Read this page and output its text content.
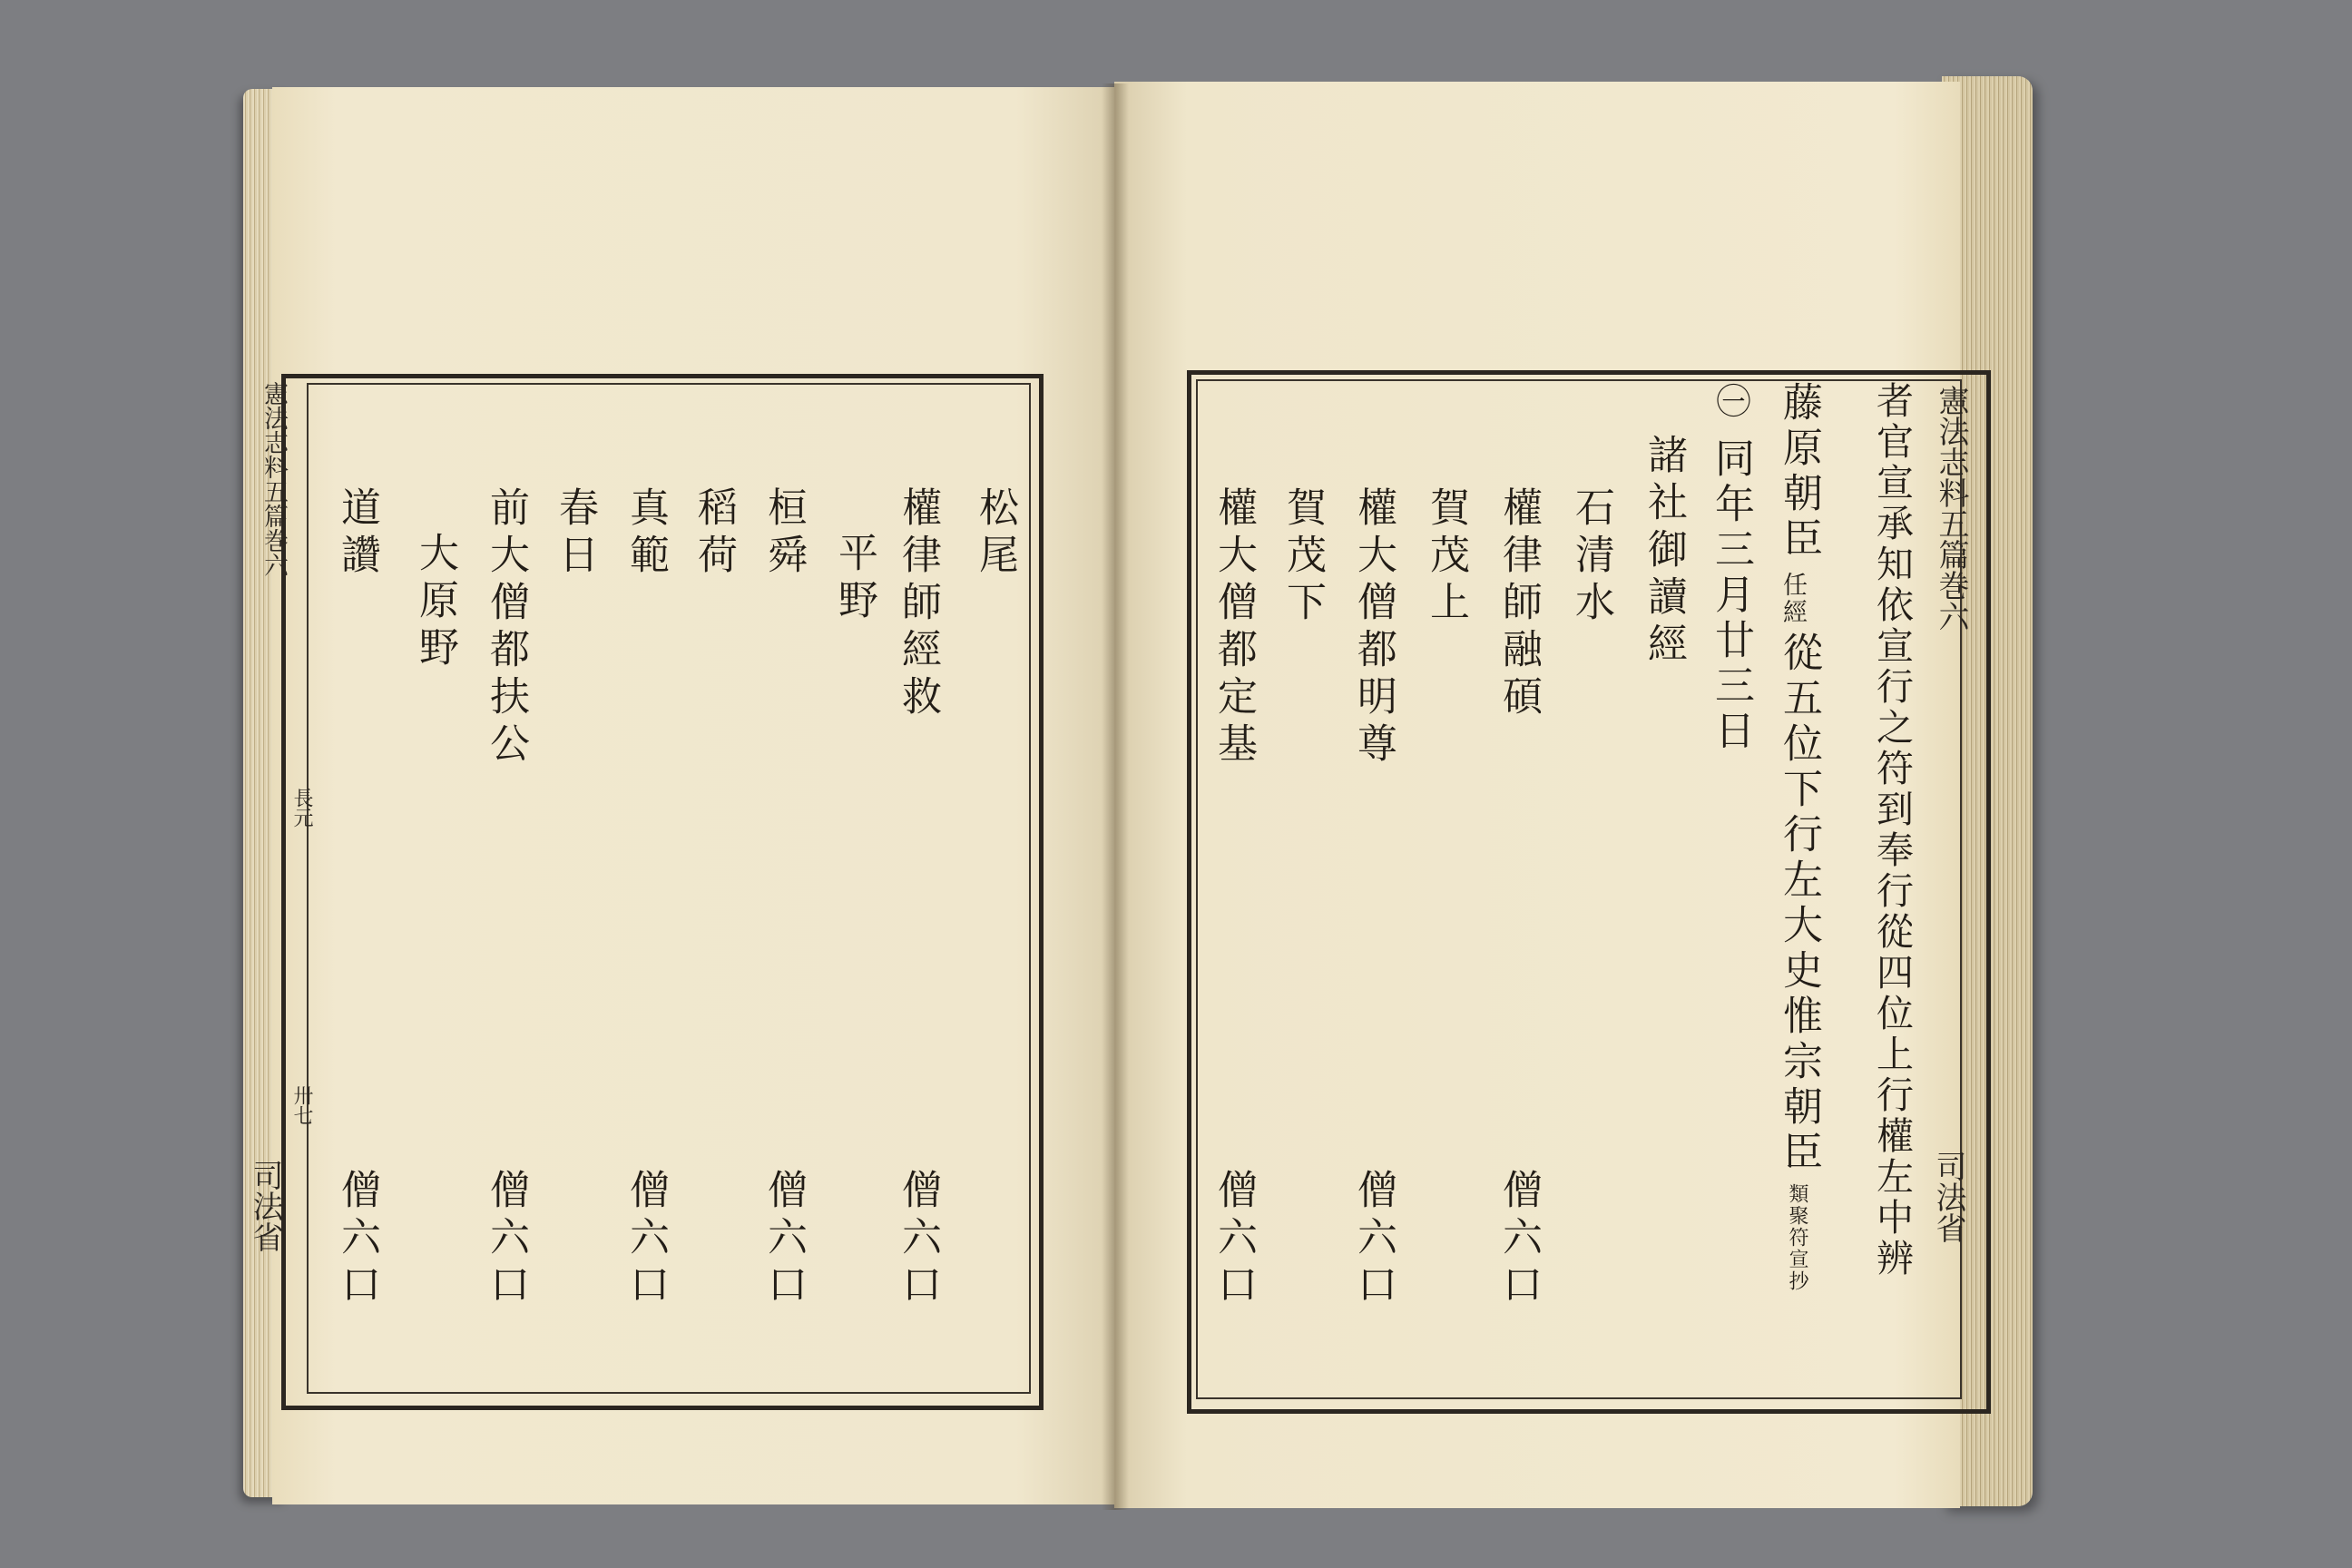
憲法志料五篇巻六
長元
卅七
司法省
松尾
權律師經救
平野
桓舜
稻荷
真範
春日
前大僧都扶公
大原野
道讚
僧六口
僧六口
僧六口
僧六口
僧六口
憲法志料五篇巻六
司法省
者官宣承知依宣行之符到奉行從四位上行權左中辨
藤原朝臣
任經
從五位下行左大史惟宗朝臣
類聚符宣抄
㊀
同年三月廿三日
諸社御讀經
石清水
權律師融碩
賀茂上
權大僧都明尊
賀茂下
權大僧都定基
僧六口
僧六口
僧六口
